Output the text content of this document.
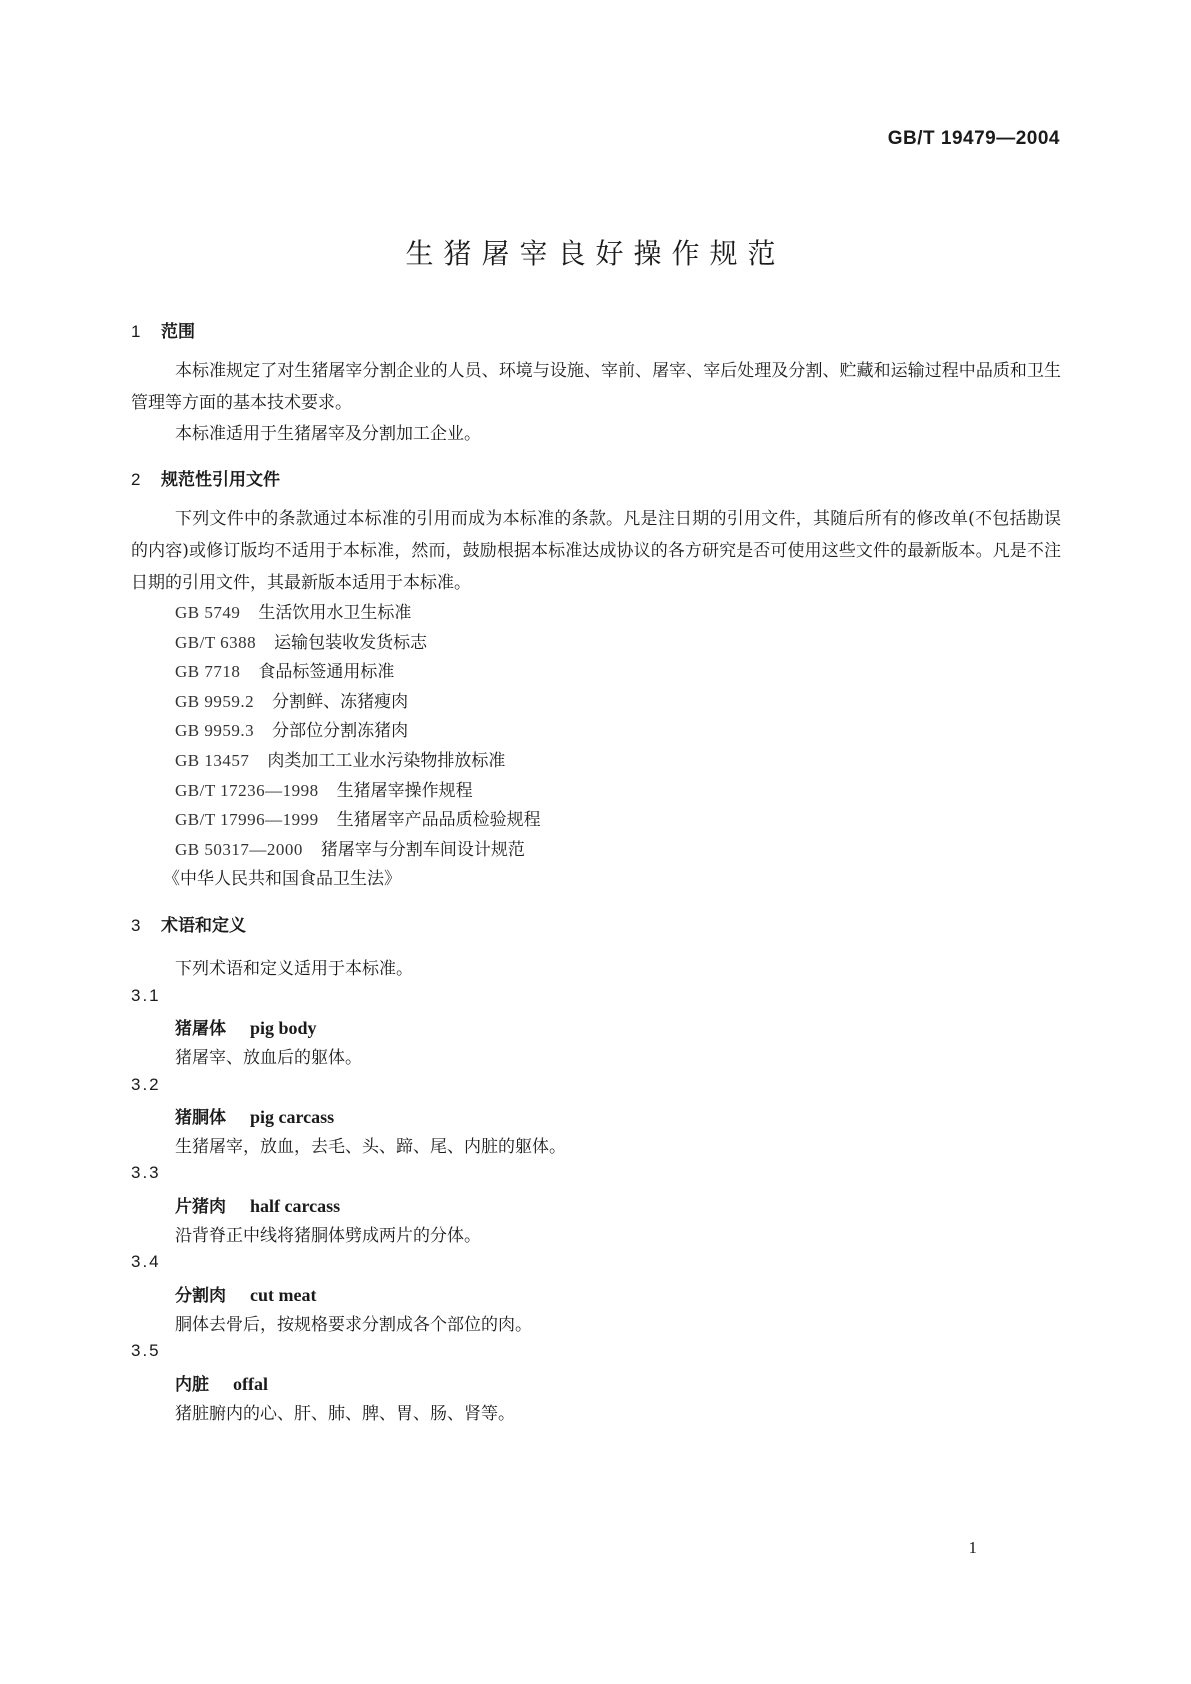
GB/T 19479—2004
生猪屠宰良好操作规范
1 范围
本标准规定了对生猪屠宰分割企业的人员、环境与设施、宰前、屠宰、宰后处理及分割、贮藏和运输过程中品质和卫生管理等方面的基本技术要求。
本标准适用于生猪屠宰及分割加工企业。
2 规范性引用文件
下列文件中的条款通过本标准的引用而成为本标准的条款。凡是注日期的引用文件，其随后所有的修改单(不包括勘误的内容)或修订版均不适用于本标准，然而，鼓励根据本标准达成协议的各方研究是否可使用这些文件的最新版本。凡是不注日期的引用文件，其最新版本适用于本标准。
GB 5749 生活饮用水卫生标准
GB/T 6388 运输包装收发货标志
GB 7718 食品标签通用标准
GB 9959.2 分割鲜、冻猪瘦肉
GB 9959.3 分部位分割冻猪肉
GB 13457 肉类加工工业水污染物排放标准
GB/T 17236—1998 生猪屠宰操作规程
GB/T 17996—1999 生猪屠宰产品品质检验规程
GB 50317—2000 猪屠宰与分割车间设计规范
《中华人民共和国食品卫生法》
3 术语和定义
下列术语和定义适用于本标准。
3.1
猪屠体 pig body
猪屠宰、放血后的躯体。
3.2
猪胴体 pig carcass
生猪屠宰，放血，去毛、头、蹄、尾、内脏的躯体。
3.3
片猪肉 half carcass
沿背脊正中线将猪胴体劈成两片的分体。
3.4
分割肉 cut meat
胴体去骨后，按规格要求分割成各个部位的肉。
3.5
内脏 offal
猪脏腑内的心、肝、肺、脾、胃、肠、肾等。
1
